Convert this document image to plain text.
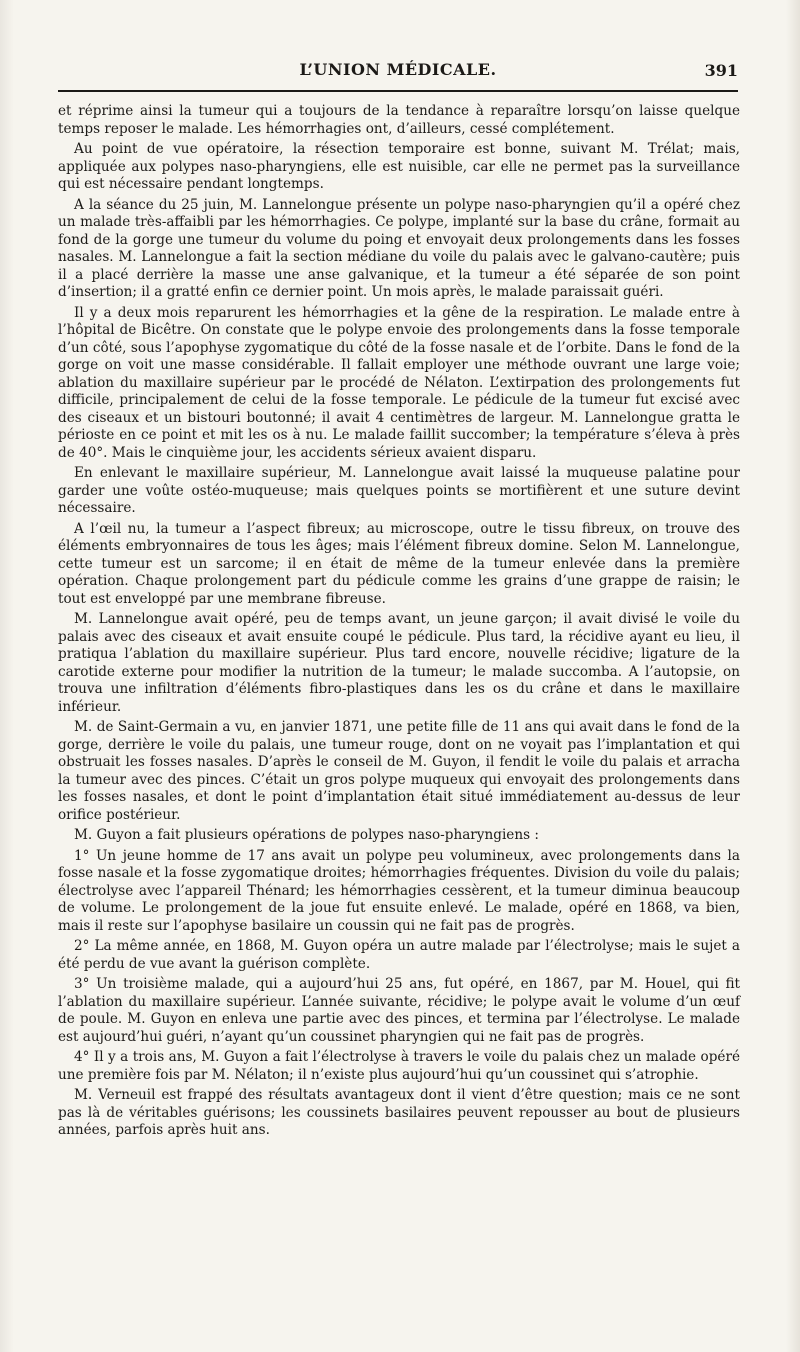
L’UNION MÉDICALE.	391

et réprime ainsi la tumeur qui a toujours de la tendance à reparaître lorsqu’on laisse quelque temps reposer le malade. Les hémorrhagies ont, d’ailleurs, cessé complétement.

Au point de vue opératoire, la résection temporaire est bonne, suivant M. Trélat; mais, appliquée aux polypes naso-pharyngiens, elle est nuisible, car elle ne permet pas la surveillance qui est nécessaire pendant longtemps.

A la séance du 25 juin, M. Lannelongue présente un polype naso-pharyngien qu’il a opéré chez un malade très-affaibli par les hémorrhagies. Ce polype, implanté sur la base du crâne, formait au fond de la gorge une tumeur du volume du poing et envoyait deux prolongements dans les fosses nasales. M. Lannelongue a fait la section médiane du voile du palais avec le galvano-cautère; puis il a placé derrière la masse une anse galvanique, et la tumeur a été séparée de son point d’insertion; il a gratté enfin ce dernier point. Un mois après, le malade paraissait guéri.

Il y a deux mois reparurent les hémorrhagies et la gêne de la respiration. Le malade entre à l’hôpital de Bicêtre. On constate que le polype envoie des prolongements dans la fosse temporale d’un côté, sous l’apophyse zygomatique du côté de la fosse nasale et de l’orbite. Dans le fond de la gorge on voit une masse considérable. Il fallait employer une méthode ouvrant une large voie; ablation du maxillaire supérieur par le procédé de Nélaton. L’extirpation des prolongements fut difficile, principalement de celui de la fosse temporale. Le pédicule de la tumeur fut excisé avec des ciseaux et un bistouri boutonné; il avait 4 centimètres de largeur. M. Lannelongue gratta le périoste en ce point et mit les os à nu. Le malade faillit succomber; la température s’éleva à près de 40°. Mais le cinquième jour, les accidents sérieux avaient disparu.

En enlevant le maxillaire supérieur, M. Lannelongue avait laissé la muqueuse palatine pour garder une voûte ostéo-muqueuse; mais quelques points se mortifièrent et une suture devint nécessaire.

A l’œil nu, la tumeur a l’aspect fibreux; au microscope, outre le tissu fibreux, on trouve des éléments embryonnaires de tous les âges; mais l’élément fibreux domine. Selon M. Lannelongue, cette tumeur est un sarcome; il en était de même de la tumeur enlevée dans la première opération. Chaque prolongement part du pédicule comme les grains d’une grappe de raisin; le tout est enveloppé par une membrane fibreuse.

M. Lannelongue avait opéré, peu de temps avant, un jeune garçon; il avait divisé le voile du palais avec des ciseaux et avait ensuite coupé le pédicule. Plus tard, la récidive ayant eu lieu, il pratiqua l’ablation du maxillaire supérieur. Plus tard encore, nouvelle récidive; ligature de la carotide externe pour modifier la nutrition de la tumeur; le malade succomba. A l’autopsie, on trouva une infiltration d’éléments fibro-plastiques dans les os du crâne et dans le maxillaire inférieur.

M. de Saint-Germain a vu, en janvier 1871, une petite fille de 11 ans qui avait dans le fond de la gorge, derrière le voile du palais, une tumeur rouge, dont on ne voyait pas l’implantation et qui obstruait les fosses nasales. D’après le conseil de M. Guyon, il fendit le voile du palais et arracha la tumeur avec des pinces. C’était un gros polype muqueux qui envoyait des prolongements dans les fosses nasales, et dont le point d’implantation était situé immédiatement au-dessus de leur orifice postérieur.

M. Guyon a fait plusieurs opérations de polypes naso-pharyngiens :

1° Un jeune homme de 17 ans avait un polype peu volumineux, avec prolongements dans la fosse nasale et la fosse zygomatique droites; hémorrhagies fréquentes. Division du voile du palais; électrolyse avec l’appareil Thénard; les hémorrhagies cessèrent, et la tumeur diminua beaucoup de volume. Le prolongement de la joue fut ensuite enlevé. Le malade, opéré en 1868, va bien, mais il reste sur l’apophyse basilaire un coussin qui ne fait pas de progrès.

2° La même année, en 1868, M. Guyon opéra un autre malade par l’électrolyse; mais le sujet a été perdu de vue avant la guérison complète.

3° Un troisième malade, qui a aujourd’hui 25 ans, fut opéré, en 1867, par M. Houel, qui fit l’ablation du maxillaire supérieur. L’année suivante, récidive; le polype avait le volume d’un œuf de poule. M. Guyon en enleva une partie avec des pinces, et termina par l’électrolyse. Le malade est aujourd’hui guéri, n’ayant qu’un coussinet pharyngien qui ne fait pas de progrès.

4° Il y a trois ans, M. Guyon a fait l’électrolyse à travers le voile du palais chez un malade opéré une première fois par M. Nélaton; il n’existe plus aujourd’hui qu’un coussinet qui s’atrophie.

M. Verneuil est frappé des résultats avantageux dont il vient d’être question; mais ce ne sont pas là de véritables guérisons; les coussinets basilaires peuvent repousser au bout de plusieurs années, parfois après huit ans.
